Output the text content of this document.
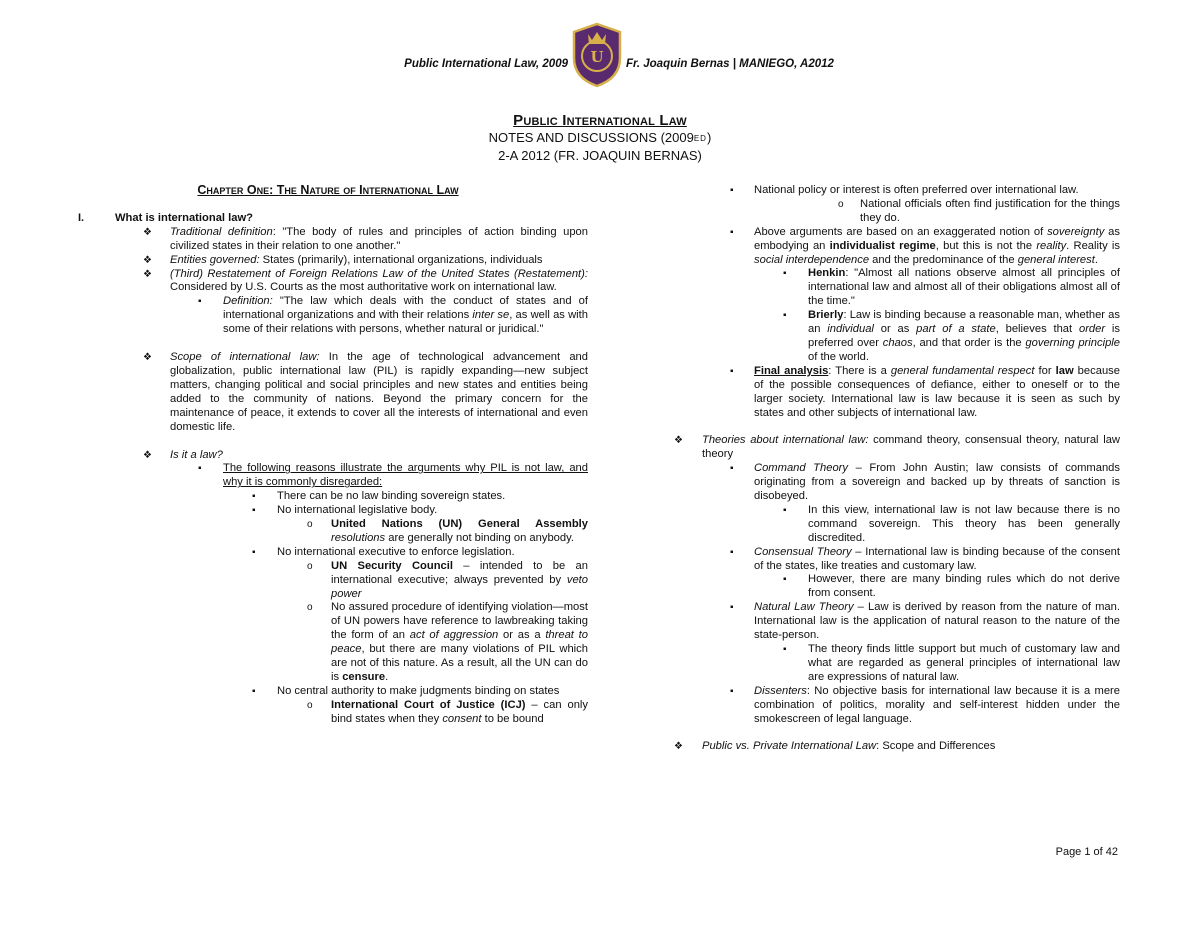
Public International Law, 2009 U Fr. Joaquin Bernas | MANIEGO, A2012
Public International Law
NOTES AND DISCUSSIONS (2009ED)
2-A 2012 (FR. JOAQUIN BERNAS)
Chapter One: The Nature of International Law
I.	What is international law?
❖ Traditional definition: "The body of rules and principles of action binding upon civilized states in their relation to one another."
❖ Entities governed: States (primarily), international organizations, individuals
❖ (Third) Restatement of Foreign Relations Law of the United States (Restatement): Considered by U.S. Courts as the most authoritative work on international law.
▪ Definition: "The law which deals with the conduct of states and of international organizations and with their relations inter se, as well as with some of their relations with persons, whether natural or juridical."
❖ Scope of international law: In the age of technological advancement and globalization, public international law (PIL) is rapidly expanding—new subject matters, changing political and social principles and new states and entities being added to the community of nations. Beyond the primary concern for the maintenance of peace, it extends to cover all the interests of international and even domestic life.
❖ Is it a law?
▪ The following reasons illustrate the arguments why PIL is not law, and why it is commonly disregarded:
▪ There can be no law binding sovereign states.
▪ No international legislative body.
o United Nations (UN) General Assembly resolutions are generally not binding on anybody.
▪ No international executive to enforce legislation.
o UN Security Council – intended to be an international executive; always prevented by veto power
o No assured procedure of identifying violation—most of UN powers have reference to lawbreaking taking the form of an act of aggression or as a threat to peace, but there are many violations of PIL which are not of this nature. As a result, all the UN can do is censure.
▪ No central authority to make judgments binding on states
o International Court of Justice (ICJ) – can only bind states when they consent to be bound
▪ National policy or interest is often preferred over international law.
o National officials often find justification for the things they do.
▪ Above arguments are based on an exaggerated notion of sovereignty as embodying an individualist regime, but this is not the reality. Reality is social interdependence and the predominance of the general interest.
▪ Henkin: "Almost all nations observe almost all principles of international law and almost all of their obligations almost all of the time."
▪ Brierly: Law is binding because a reasonable man, whether as an individual or as part of a state, believes that order is preferred over chaos, and that order is the governing principle of the world.
▪ Final analysis: There is a general fundamental respect for law because of the possible consequences of defiance, either to oneself or to the larger society. International law is law because it is seen as such by states and other subjects of international law.
❖ Theories about international law: command theory, consensual theory, natural law theory
▪ Command Theory – From John Austin; law consists of commands originating from a sovereign and backed up by threats of sanction is disobeyed.
▪ In this view, international law is not law because there is no command sovereign. This theory has been generally discredited.
▪ Consensual Theory – International law is binding because of the consent of the states, like treaties and customary law.
▪ However, there are many binding rules which do not derive from consent.
▪ Natural Law Theory – Law is derived by reason from the nature of man. International law is the application of natural reason to the nature of the state-person.
▪ The theory finds little support but much of customary law and what are regarded as general principles of international law are expressions of natural law.
▪ Dissenters: No objective basis for international law because it is a mere combination of politics, morality and self-interest hidden under the smokescreen of legal language.
❖ Public vs. Private International Law: Scope and Differences
Page 1 of 42
